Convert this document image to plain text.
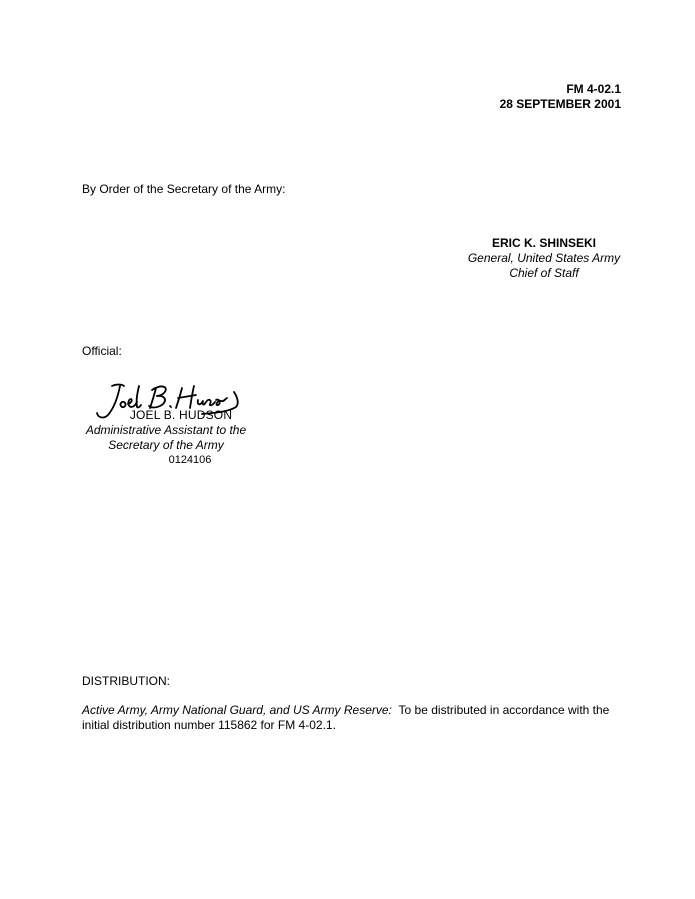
FM 4-02.1
28 SEPTEMBER 2001
By Order of the Secretary of the Army:
ERIC K. SHINSEKI
General, United States Army
Chief of Staff
Official:
JOEL B. HUDSON
Administrative Assistant to the
Secretary of the Army
0124106
DISTRIBUTION:
Active Army, Army National Guard, and US Army Reserve: To be distributed in accordance with the initial distribution number 115862 for FM 4-02.1.
